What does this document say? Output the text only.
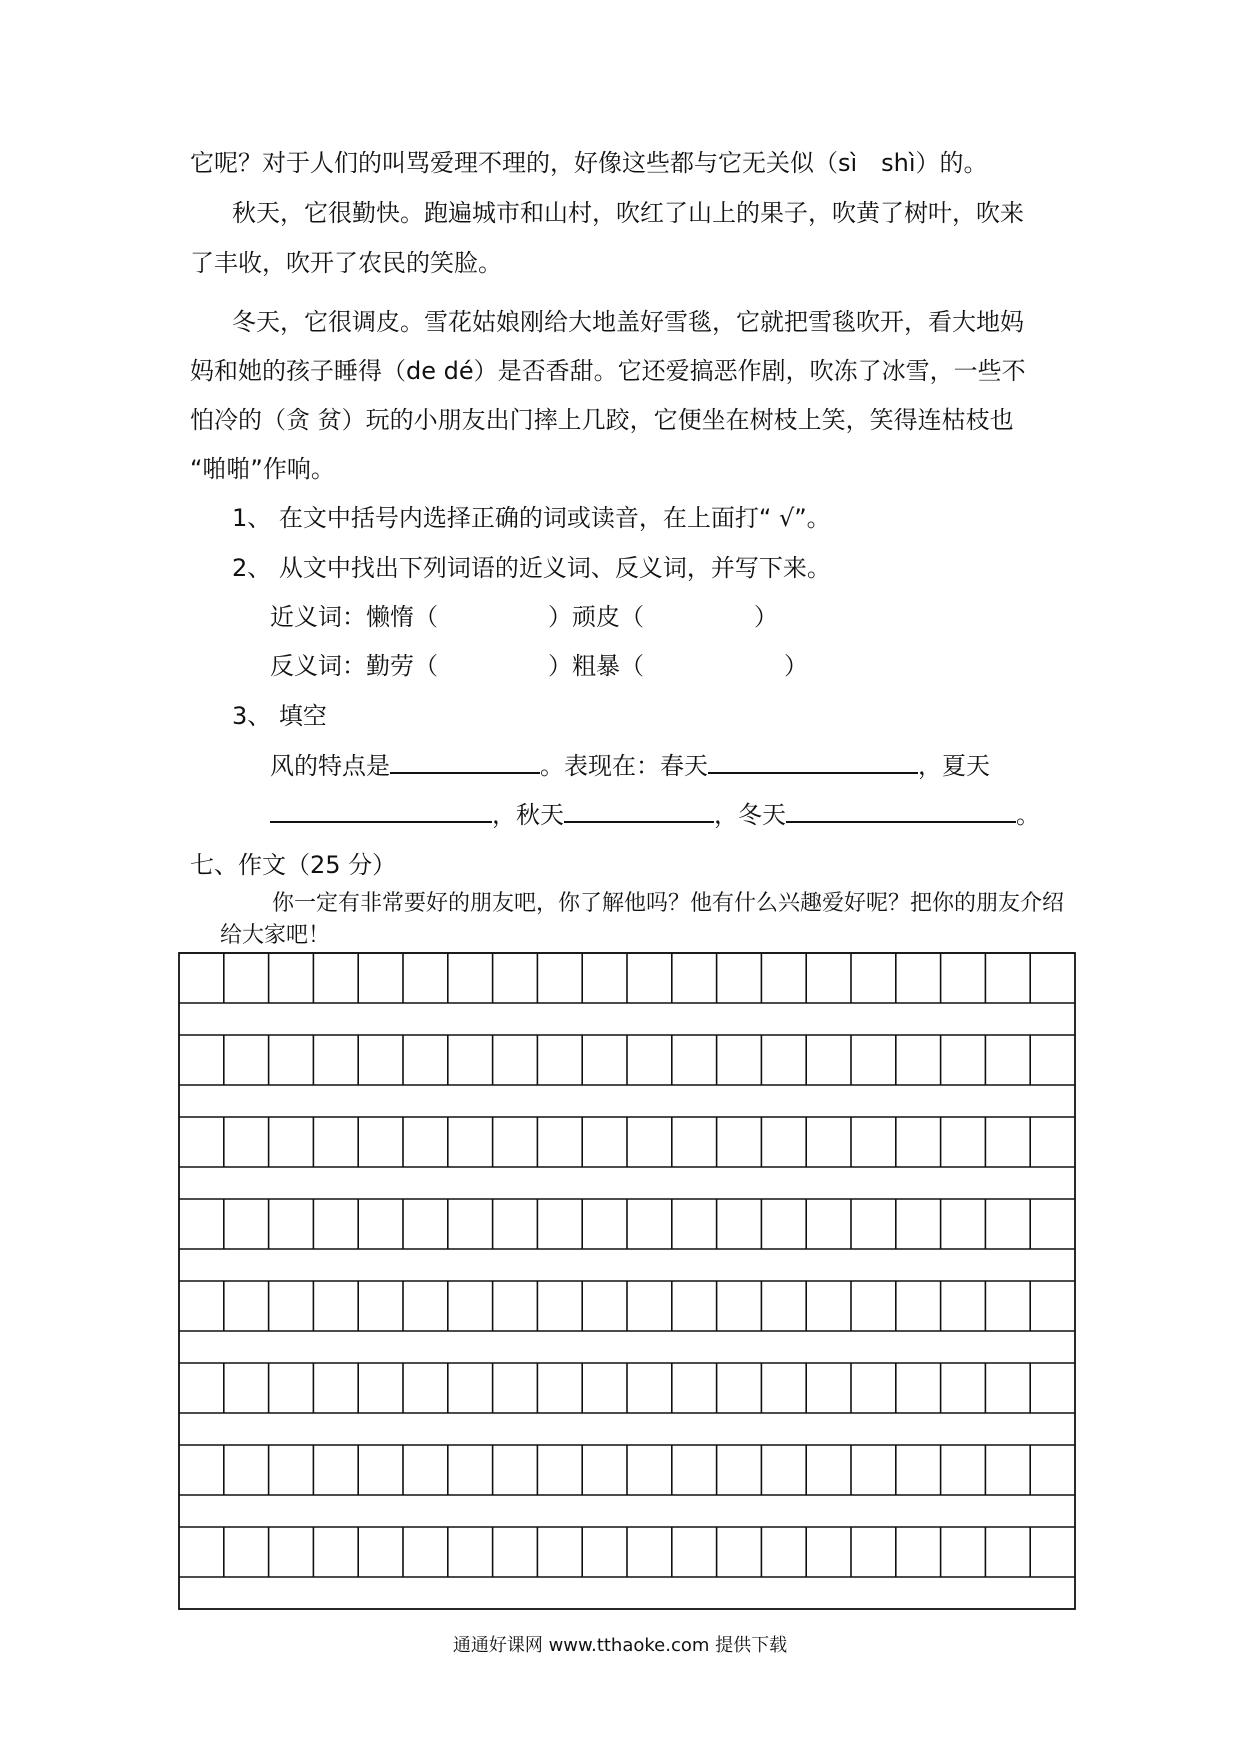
它呢？对于人们的叫骂爱理不理的，好像这些都与它无关似（sì　shì）的。
秋天，它很勤快。跑遍城市和山村，吹红了山上的果子，吹黄了树叶，吹来
了丰收，吹开了农民的笑脸。
冬天，它很调皮。雪花姑娘刚给大地盖好雪毯，它就把雪毯吹开，看大地妈
妈和她的孩子睡得（de dé）是否香甜。它还爱搞恶作剧，吹冻了冰雪，一些不
怕冷的（贪 贫）玩的小朋友出门摔上几跤，它便坐在树枝上笑，笑得连枯枝也
“啪啪”作响。
1、 在文中括号内选择正确的词或读音，在上面打“ √”。
2、 从文中找出下列词语的近义词、反义词，并写下来。
近义词：懒惰（	）顽皮（	）
反义词：勤劳（	）粗暴（	）
3、 填空
风的特点是	。表现在：春天	，夏天
，秋天	，冬天	。
七、作文（25 分）
你一定有非常要好的朋友吧，你了解他吗？他有什么兴趣爱好呢？把你的朋友介绍
给大家吧！
通通好课网 www.tthaoke.com 提供下载
